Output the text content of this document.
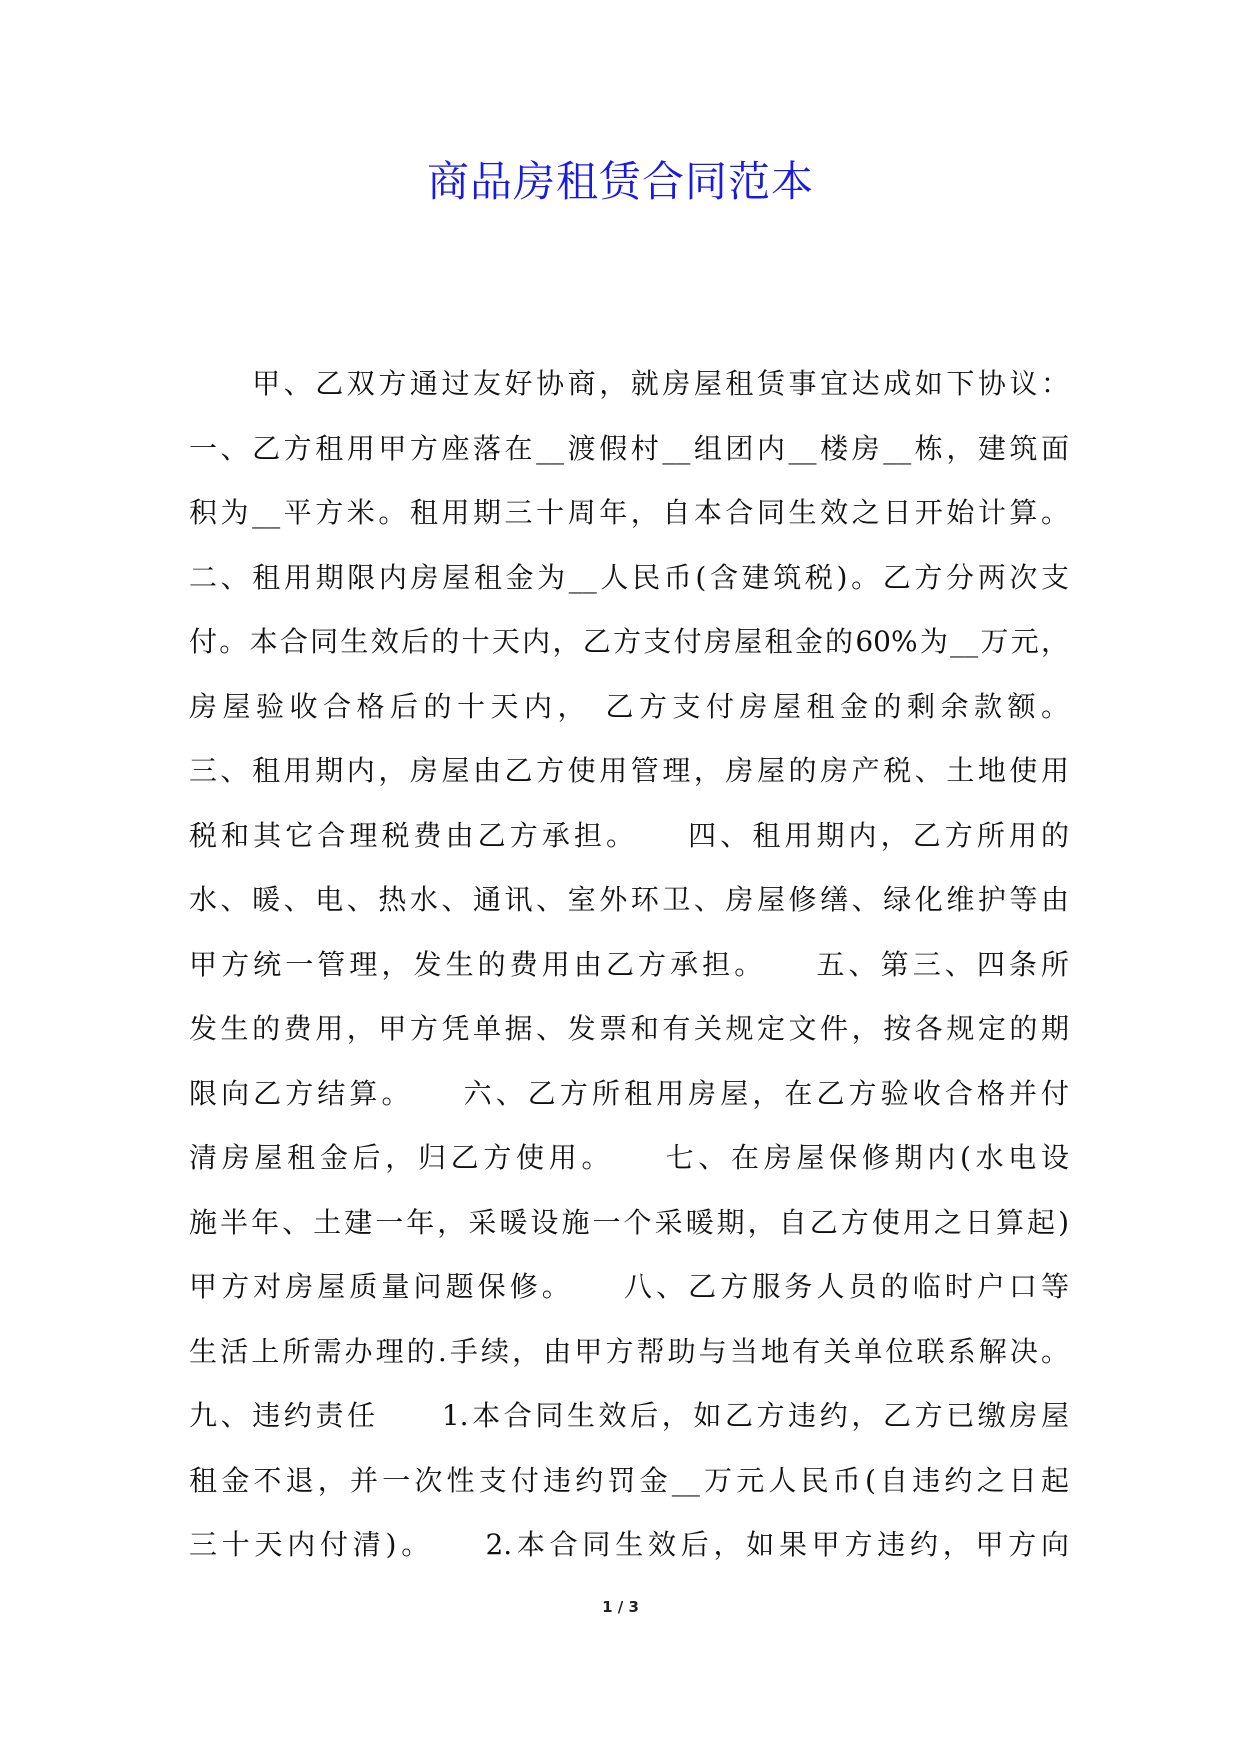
商品房租赁合同范本
　　甲、乙双方通过友好协商，就房屋租赁事宜达成如下协议：
一、乙方租用甲方座落在__渡假村__组团内__楼房__栋，建筑面
积为__平方米。租用期三十周年，自本合同生效之日开始计算。
二、租用期限内房屋租金为__人民币(含建筑税)。乙方分两次支
付。本合同生效后的十天内，乙方支付房屋租金的60%为__万元，
房屋验收合格后的十天内， 乙方支付房屋租金的剩余款额。
三、租用期内，房屋由乙方使用管理，房屋的房产税、土地使用
税和其它合理税费由乙方承担。　　四、租用期内，乙方所用的
水、暖、电、热水、通讯、室外环卫、房屋修缮、绿化维护等由
甲方统一管理，发生的费用由乙方承担。　　五、第三、四条所
发生的费用，甲方凭单据、发票和有关规定文件，按各规定的期
限向乙方结算。　　六、乙方所租用房屋，在乙方验收合格并付
清房屋租金后，归乙方使用。　　七、在房屋保修期内(水电设
施半年、土建一年，采暖设施一个采暖期，自乙方使用之日算起)
甲方对房屋质量问题保修。　　八、乙方服务人员的临时户口等
生活上所需办理的.手续，由甲方帮助与当地有关单位联系解决。
九、违约责任　　1.本合同生效后，如乙方违约，乙方已缴房屋
租金不退，并一次性支付违约罚金__万元人民币(自违约之日起
三十天内付清)。　　2.本合同生效后，如果甲方违约，甲方向
1 / 3
